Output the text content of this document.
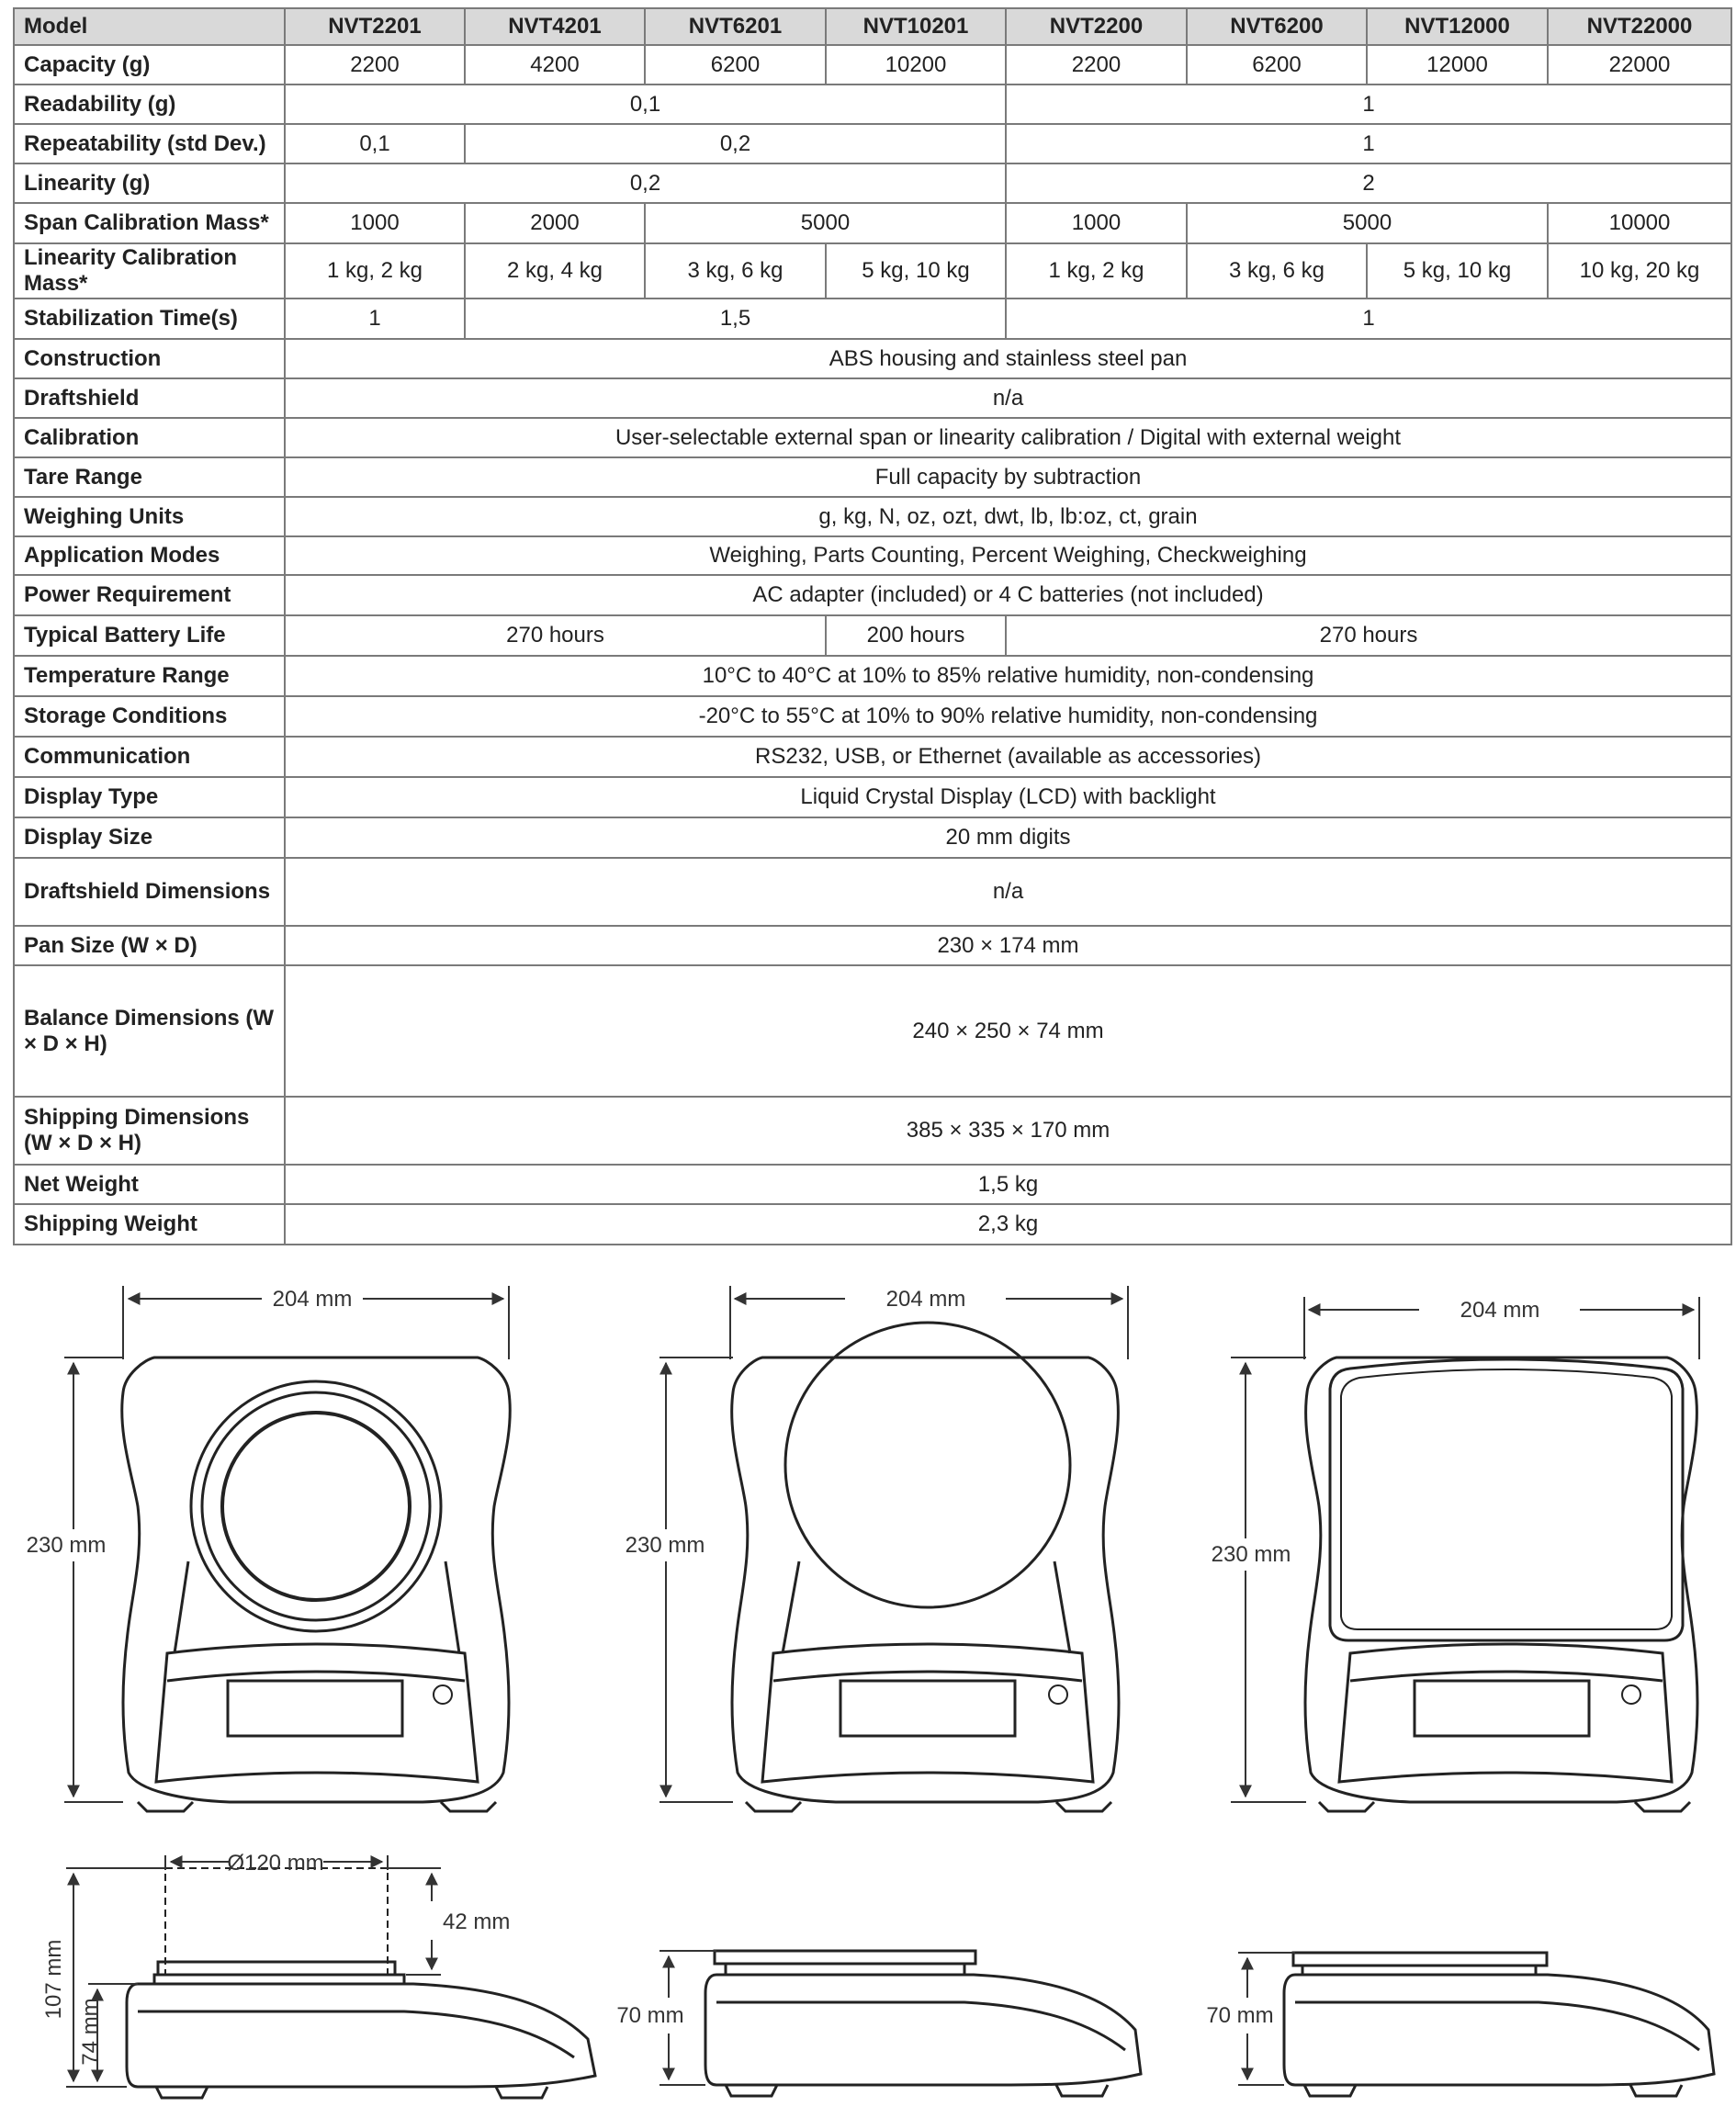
Model	NVT2201	NVT4201	NVT6201	NVT10201	NVT2200	NVT6200	NVT12000	NVT22000
Capacity (g)	2200	4200	6200	10200	2200	6200	12000	22000
Readability (g)	0,1				1			
Repeatability (std Dev.)	0,1	0,2			1			
Linearity (g)	0,2				2			
Span Calibration Mass*	1000	2000	5000		1000	5000		10000
Linearity Calibration Mass*	1 kg, 2 kg	2 kg, 4 kg	3 kg, 6 kg	5 kg, 10 kg	1 kg, 2 kg	3 kg, 6 kg	5 kg, 10 kg	10 kg, 20 kg
Stabilization Time(s)	1	1,5			1			
Construction	ABS housing and stainless steel pan							
Draftshield	n/a							
Calibration	User-selectable external span or linearity calibration / Digital with external weight							
Tare Range	Full capacity by subtraction							
Weighing Units	g, kg, N, oz, ozt, dwt, lb, lb:oz, ct, grain							
Application Modes	Weighing, Parts Counting, Percent Weighing, Checkweighing							
Power Requirement	AC adapter (included) or 4 C batteries (not included)							
Typical Battery Life	270 hours			200 hours	270 hours			
Temperature Range	10°C to 40°C at 10% to 85% relative humidity, non-condensing							
Storage Conditions	-20°C to 55°C at 10% to 90% relative humidity, non-condensing							
Communication	RS232, USB, or Ethernet (available as accessories)							
Display Type	Liquid Crystal Display (LCD) with backlight							
Display Size	20 mm digits							
Draftshield Dimensions	n/a							
Pan Size (W × D)	230 × 174 mm							
Balance Dimensions (W × D × H)	240 × 250 × 74 mm							
Shipping Dimensions (W × D × H)	385 × 335 × 170 mm							
Net Weight	1,5 kg							
Shipping Weight	2,3 kg							
204 mm
230 mm
204 mm
230 mm
204 mm
230 mm
Ø120 mm
42 mm
107 mm
74 mm	70 mm	70 mm
